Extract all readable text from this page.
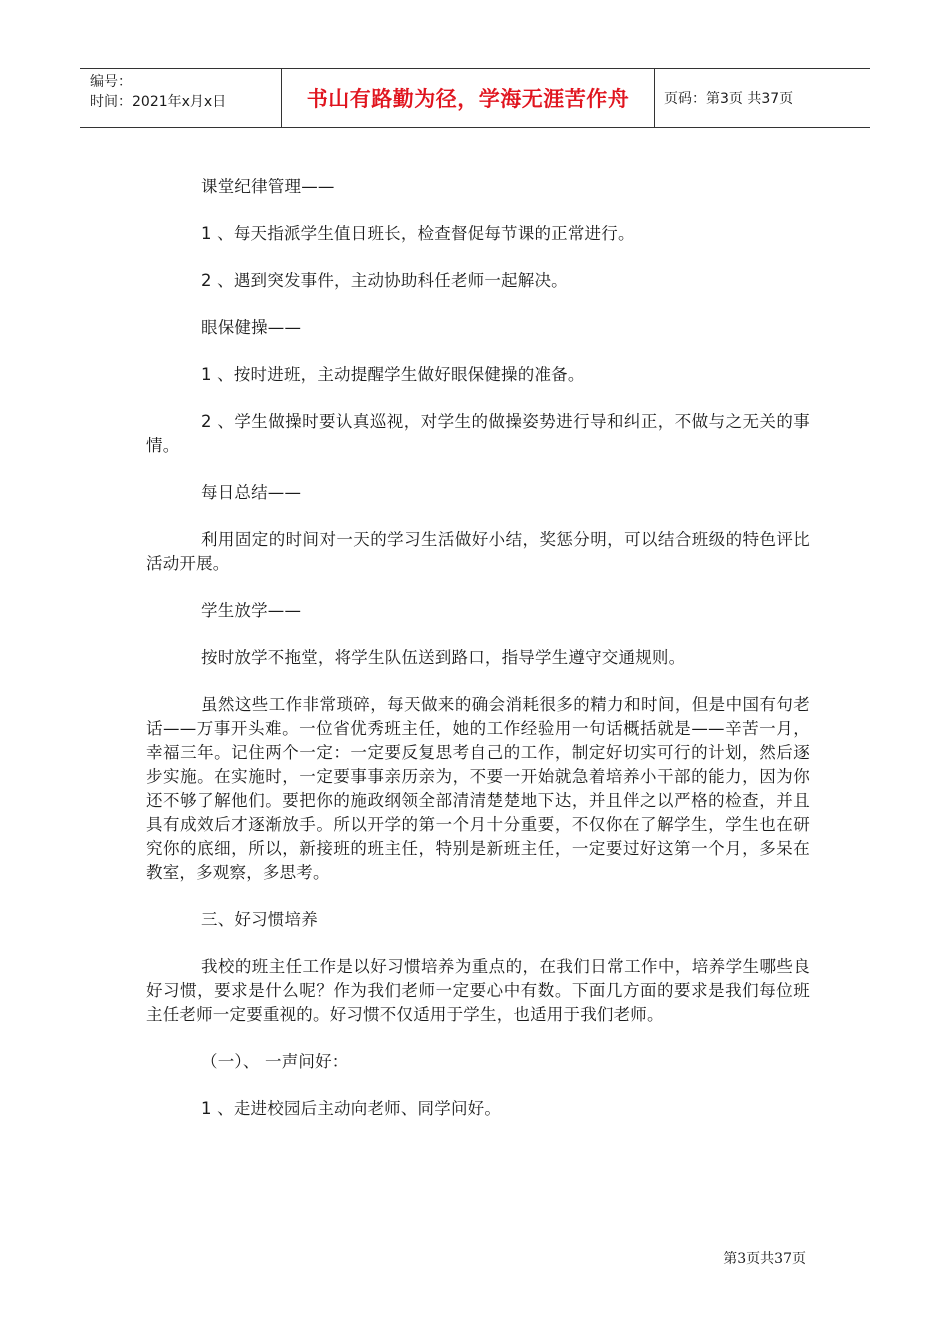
编号：
时间：2021年x月x日	书山有路勤为径，学海无涯苦作舟 页码：第3页 共37页

课堂纪律管理——

1 、每天指派学生值日班长，检查督促每节课的正常进行。

2 、遇到突发事件，主动协助科任老师一起解决。

眼保健操——

1 、按时进班，主动提醒学生做好眼保健操的准备。

2 、学生做操时要认真巡视，对学生的做操姿势进行导和纠正，不做与之无关的事情。

每日总结——

利用固定的时间对一天的学习生活做好小结，奖惩分明，可以结合班级的特色评比活动开展。

学生放学——

按时放学不拖堂，将学生队伍送到路口，指导学生遵守交通规则。

虽然这些工作非常琐碎，每天做来的确会消耗很多的精力和时间，但是中国有句老话——万事开头难。一位省优秀班主任，她的工作经验用一句话概括就是——辛苦一月，幸福三年。记住两个一定：一定要反复思考自己的工作，制定好切实可行的计划，然后逐步实施。在实施时，一定要事事亲历亲为，不要一开始就急着培养小干部的能力，因为你还不够了解他们。要把你的施政纲领全部清清楚楚地下达，并且伴之以严格的检查，并且具有成效后才逐渐放手。所以开学的第一个月十分重要，不仅你在了解学生，学生也在研究你的底细，所以，新接班的班主任，特别是新班主任，一定要过好这第一个月，多呆在教室，多观察，多思考。

三、好习惯培养

我校的班主任工作是以好习惯培养为重点的，在我们日常工作中，培养学生哪些良好习惯，要求是什么呢？作为我们老师一定要心中有数。下面几方面的要求是我们每位班主任老师一定要重视的。好习惯不仅适用于学生，也适用于我们老师。

（一）、 一声问好：

1 、走进校园后主动向老师、同学问好。

第3页共37页
